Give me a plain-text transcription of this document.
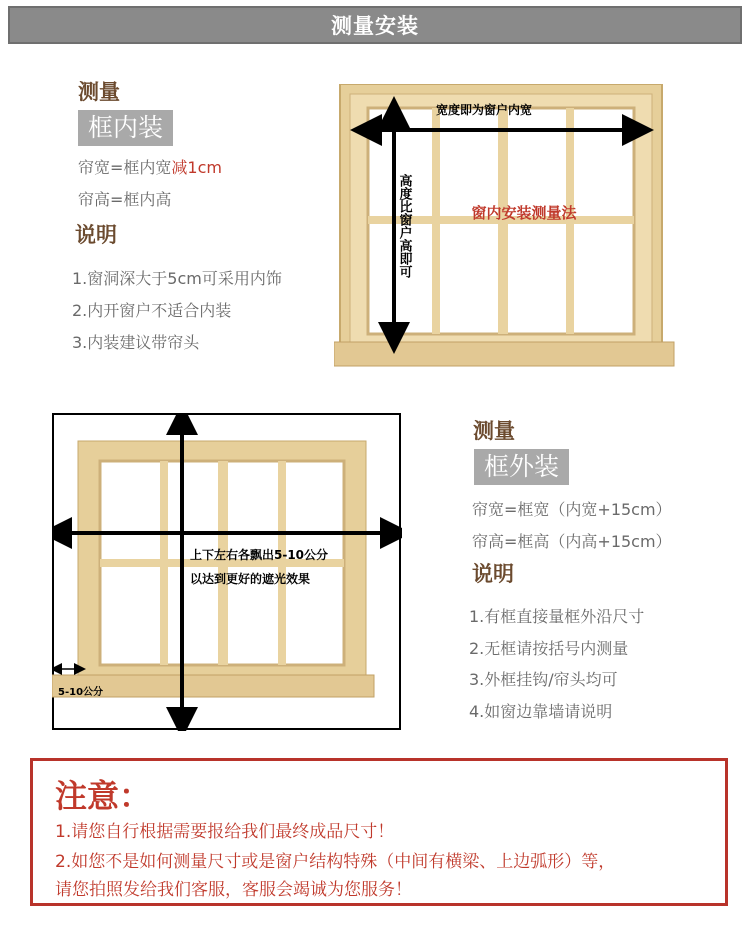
测量安装
测量
框内装
帘宽=框内宽减1cm
帘高=框内高
说明
1.窗洞深大于5cm可采用内饰
2.内开窗户不适合内装
3.内装建议带帘头
宽度即为窗户内宽
窗内安装测量法
高度比窗户高即可
上下左右各飘出5-10公分
以达到更好的遮光效果
5-10公分
测量
框外装
帘宽=框宽（内宽+15cm）
帘高=框高（内高+15cm）
说明
1.有框直接量框外沿尺寸
2.无框请按括号内测量
3.外框挂钩/帘头均可
4.如窗边靠墙请说明
注意：
1.请您自行根据需要报给我们最终成品尺寸！
2.如您不是如何测量尺寸或是窗户结构特殊（中间有横梁、上边弧形）等，
请您拍照发给我们客服，客服会竭诚为您服务！
